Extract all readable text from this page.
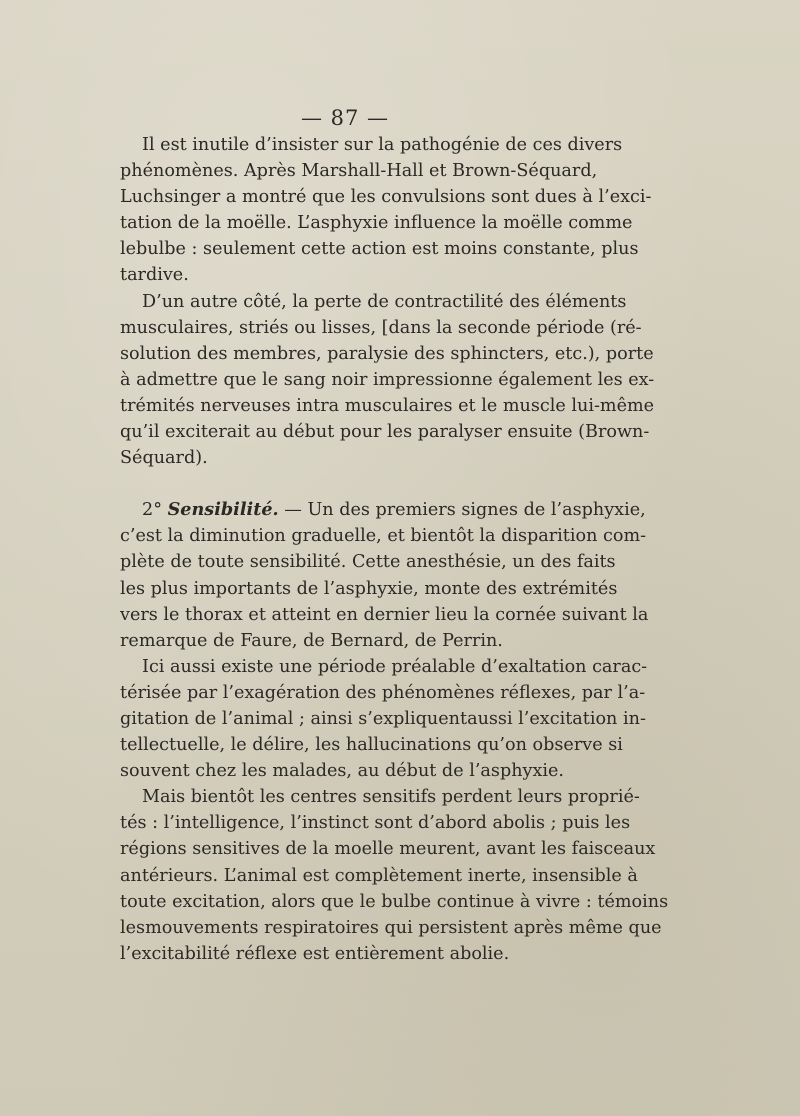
— 87 —
Il est inutile d’insister sur la pathogénie de ces divers
phénomènes. Après Marshall‑Hall et Brown‑Séquard,
Luchsinger a montré que les convulsions sont dues à l’exci-
tation de la moëlle. L’asphyxie influence la moëlle comme
lebulbe : seulement cette action est moins constante, plus
tardive.
D’un autre côté, la perte de contractilité des éléments
musculaires, striés ou lisses, [dans la seconde période (ré-
solution des membres, paralysie des sphincters, etc.), porte
à admettre que le sang noir impressionne également les ex-
trémités nerveuses intra musculaires et le muscle lui-même
qu’il exciterait au début pour les paralyser ensuite (Brown-
Séquard).
2° Sensibilité. — Un des premiers signes de l’asphyxie,
c’est la diminution graduelle, et bientôt la disparition com-
plète de toute sensibilité. Cette anesthésie, un des faits
les plus importants de l’asphyxie, monte des extrémités
vers le thorax et atteint en dernier lieu la cornée suivant la
remarque de Faure, de Bernard, de Perrin.
Ici aussi existe une période préalable d’exaltation carac-
térisée par l’exagération des phénomènes réflexes, par l’a-
gitation de l’animal ; ainsi s’expliquentaussi l’excitation in-
tellectuelle, le délire, les hallucinations qu’on observe si
souvent chez les malades, au début de l’asphyxie.
Mais bientôt les centres sensitifs perdent leurs proprié-
tés : l’intelligence, l’instinct sont d’abord abolis ; puis les
régions sensitives de la moelle meurent, avant les faisceaux
antérieurs. L’animal est complètement inerte, insensible à
toute excitation, alors que le bulbe continue à vivre : témoins
lesmouvements respiratoires qui persistent après même que
l’excitabilité réflexe est entièrement abolie.
